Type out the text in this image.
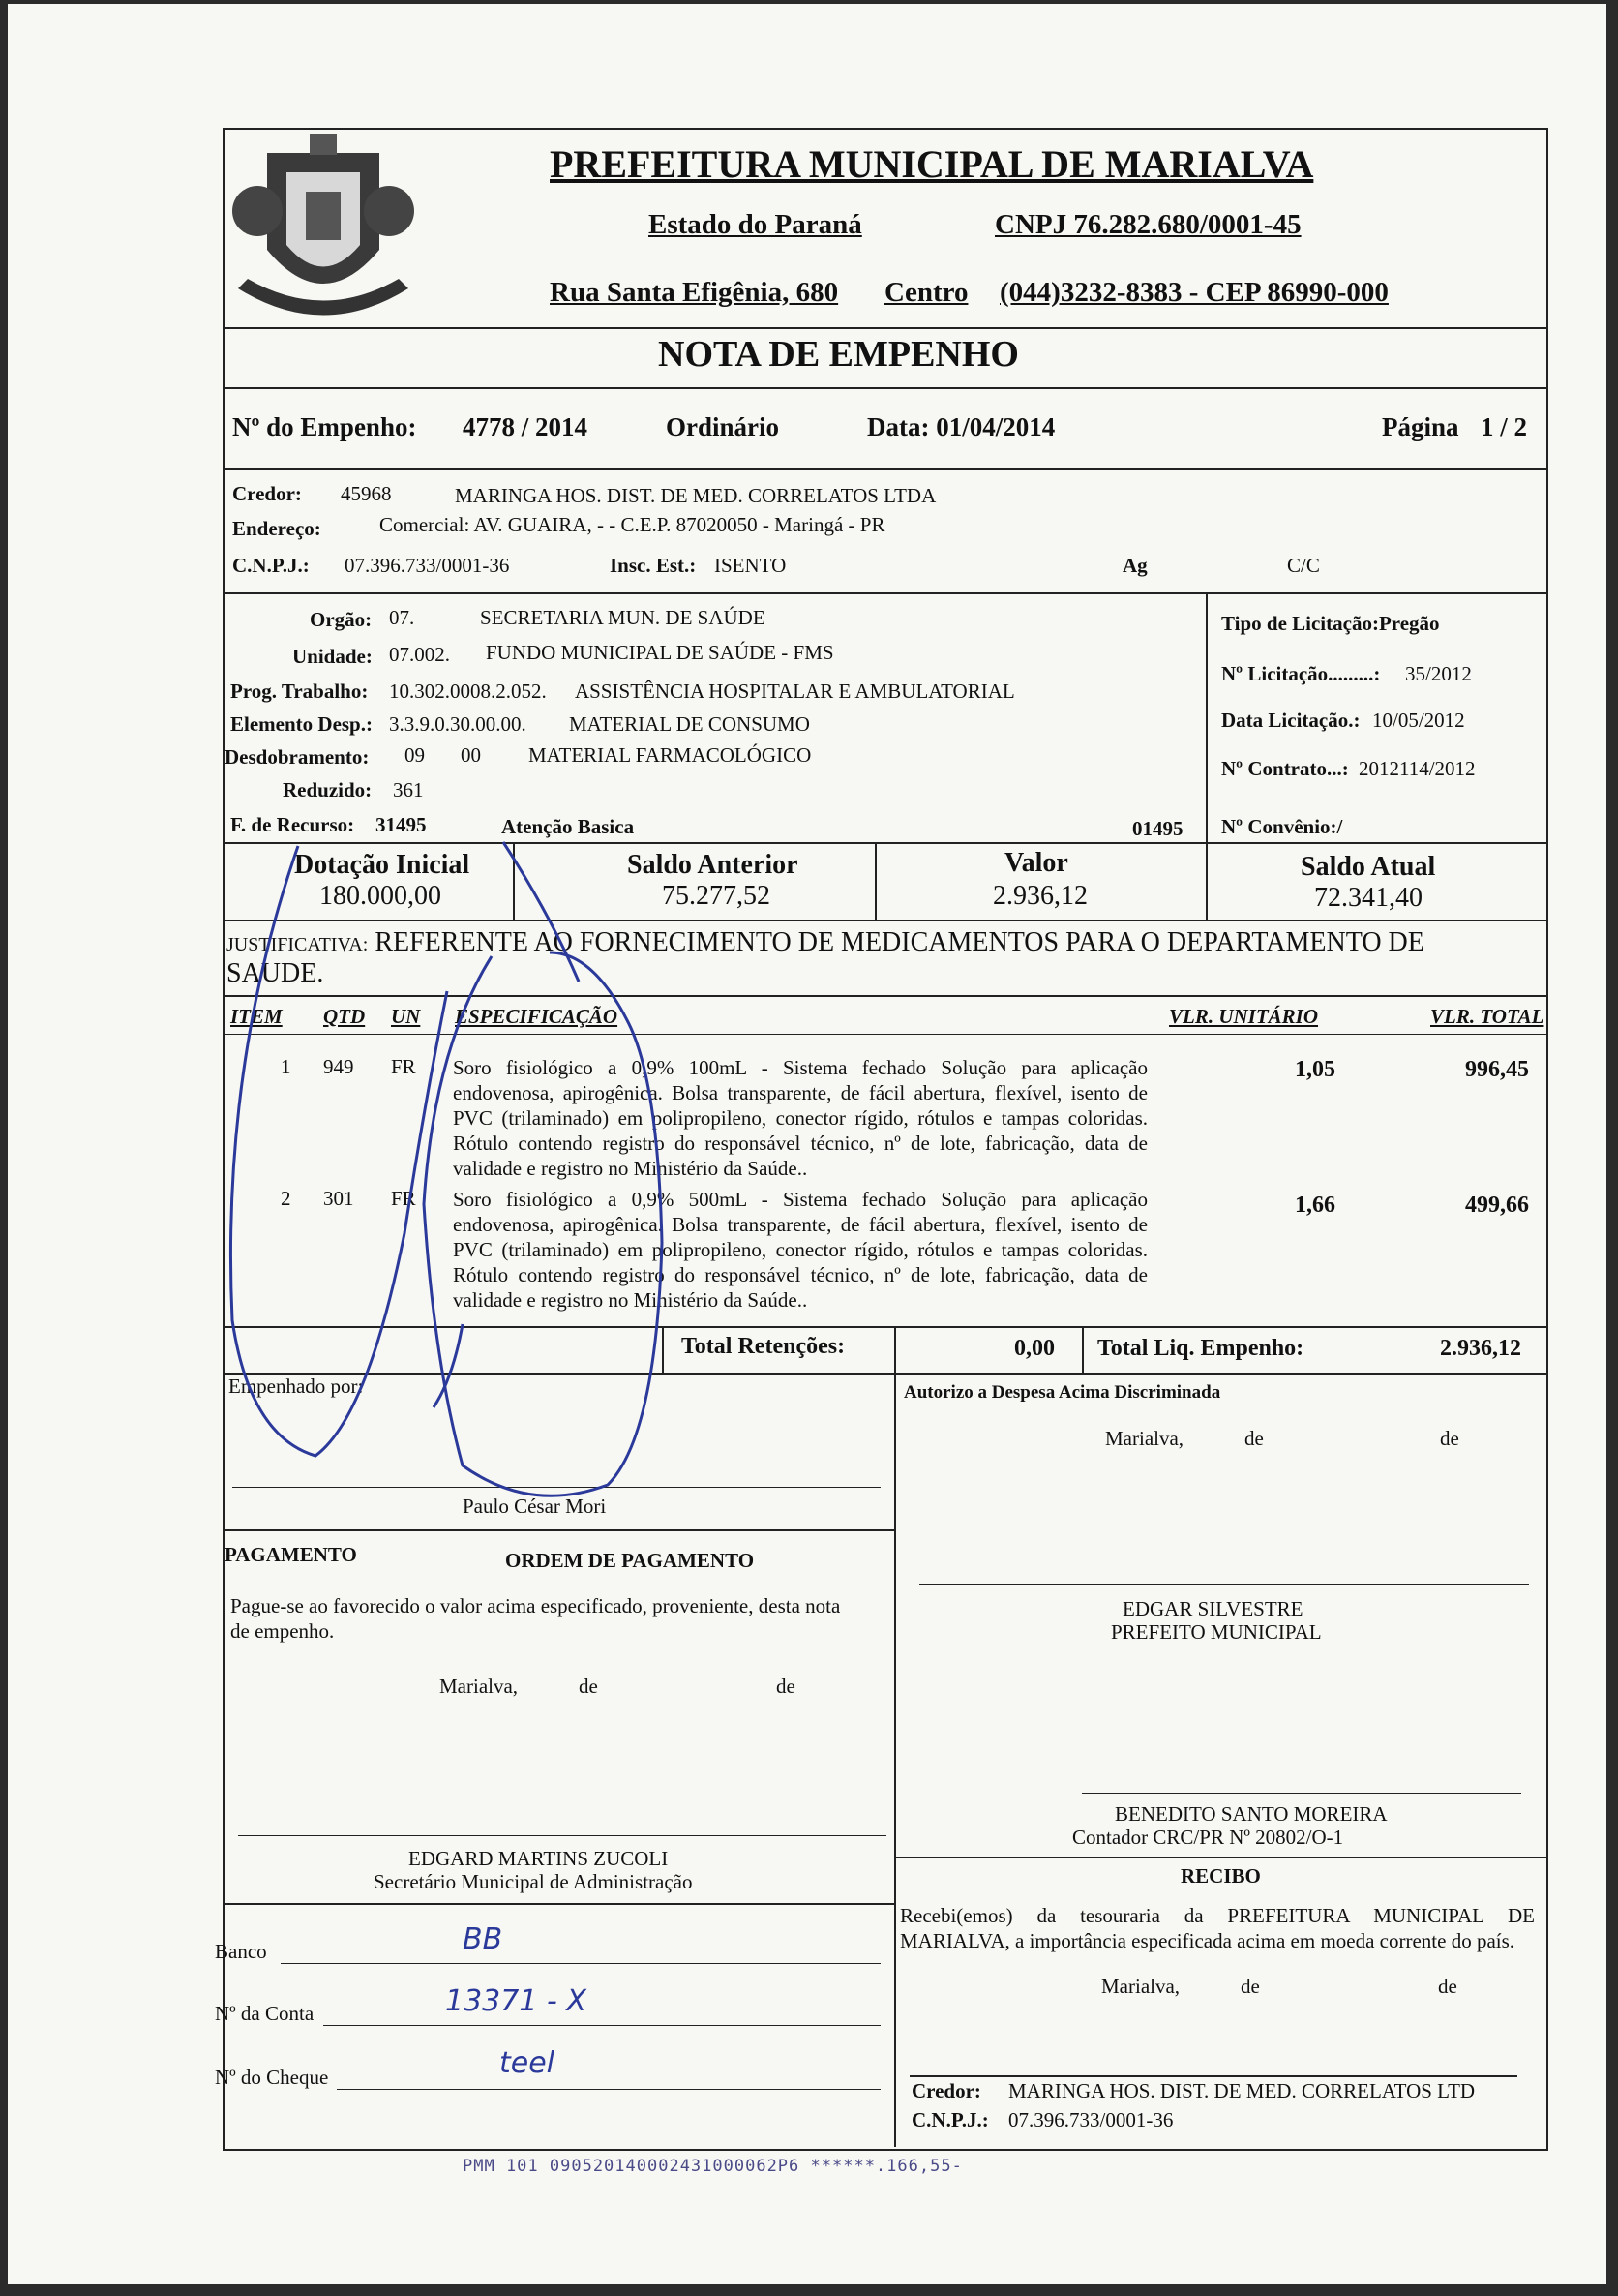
PREFEITURA MUNICIPAL DE MARIALVA
Estado do Paraná	CNPJ 76.282.680/0001-45
Rua Santa Efigênia, 680 Centro (044)3232-8383 - CEP 86990-000
NOTA DE EMPENHO
Nº do Empenho: 4778 / 2014	Ordinário	Data: 01/04/2014	Página 1 / 2
Credor: 45968	MARINGA HOS. DIST. DE MED. CORRELATOS LTDA
Endereço:	Comercial: AV. GUAIRA, - - C.E.P. 87020050 - Maringá - PR
C.N.P.J.: 07.396.733/0001-36	Insc. Est.: ISENTO	Ag	C/C
Orgão: 07.	SECRETARIA MUN. DE SAÚDE
Unidade: 07.002. FUNDO MUNICIPAL DE SAÚDE - FMS
Prog. Trabalho: 10.302.0008.2.052. ASSISTÊNCIA HOSPITALAR E AMBULATORIAL
Elemento Desp.: 3.3.9.0.30.00.00. MATERIAL DE CONSUMO
Desdobramento: 09 00 MATERIAL FARMACOLÓGICO
Reduzido: 361
F. de Recurso: 31495	Atenção Basica	01495
Tipo de Licitação:Pregão
Nº Licitação.........: 35/2012
Data Licitação.: 10/05/2012
Nº Contrato...: 2012114/2012
Nº Convênio:/
Dotação Inicial
180.000,00
Saldo Anterior
75.277,52
Valor
2.936,12
Saldo Atual
72.341,40
JUSTIFICATIVA: REFERENTE AO FORNECIMENTO DE MEDICAMENTOS PARA O DEPARTAMENTO DE
SAUDE.
ITEM QTD UN ESPECIFICAÇÃO	VLR. UNITÁRIO	VLR. TOTAL
1 949 FR Soro fisiológico a 0,9% 100mL - Sistema fechado Solução para aplicação endovenosa, apirogênica. Bolsa transparente, de fácil abertura, flexível, isento de PVC (trilaminado) em polipropileno, conector rígido, rótulos e tampas coloridas. Rótulo contendo registro do responsável técnico, nº de lote, fabricação, data de validade e registro no Ministério da Saúde..
1,05	996,45
2 301 FR Soro fisiológico a 0,9% 500mL - Sistema fechado Solução para aplicação endovenosa, apirogênica. Bolsa transparente, de fácil abertura, flexível, isento de PVC (trilaminado) em polipropileno, conector rígido, rótulos e tampas coloridas. Rótulo contendo registro do responsável técnico, nº de lote, fabricação, data de validade e registro no Ministério da Saúde..
1,66	499,66
Total Retenções:	0,00 Total Liq. Empenho:	2.936,12
Empenhado por:
Paulo César Mori
Autorizo a Despesa Acima Discriminada
Marialva,	de	de
PAGAMENTO	ORDEM DE PAGAMENTO
Pague-se ao favorecido o valor acima especificado, proveniente, desta nota de empenho.
Marialva,	de	de
EDGAR SILVESTRE
PREFEITO MUNICIPAL
BENEDITO SANTO MOREIRA
Contador CRC/PR Nº 20802/O-1
EDGARD MARTINS ZUCOLI
Secretário Municipal de Administração	RECIBO
Recebi(emos) da tesouraria da PREFEITURA MUNICIPAL DE MARIALVA, a importância especificada acima em moeda corrente do país.
Marialva,	de	de
Credor: MARINGA HOS. DIST. DE MED. CORRELATOS LTD
C.N.P.J.: 07.396.733/0001-36
Banco	BB
Nº da Conta	13371 - X
Nº do Cheque	teel
PMM 101 090520140002431000062P6 ******.166,55-
